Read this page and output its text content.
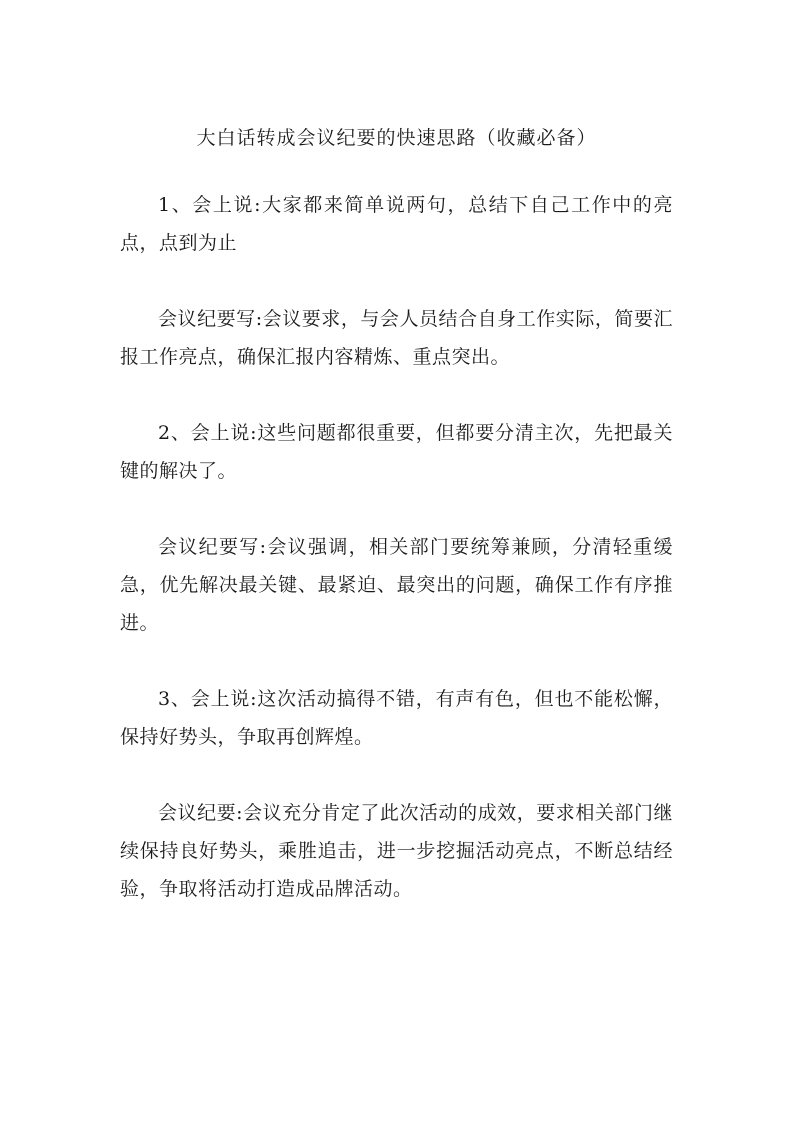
大白话转成会议纪要的快速思路（收藏必备）

1、会上说:大家都来简单说两句，总结下自己工作中的亮点，点到为止

会议纪要写:会议要求，与会人员结合自身工作实际，简要汇报工作亮点，确保汇报内容精炼、重点突出。

2、会上说:这些问题都很重要，但都要分清主次，先把最关键的解决了。

会议纪要写:会议强调，相关部门要统筹兼顾，分清轻重缓急，优先解决最关键、最紧迫、最突出的问题，确保工作有序推进。

3、会上说:这次活动搞得不错，有声有色，但也不能松懈，保持好势头，争取再创辉煌。

会议纪要:会议充分肯定了此次活动的成效，要求相关部门继续保持良好势头，乘胜追击，进一步挖掘活动亮点，不断总结经验，争取将活动打造成品牌活动。
